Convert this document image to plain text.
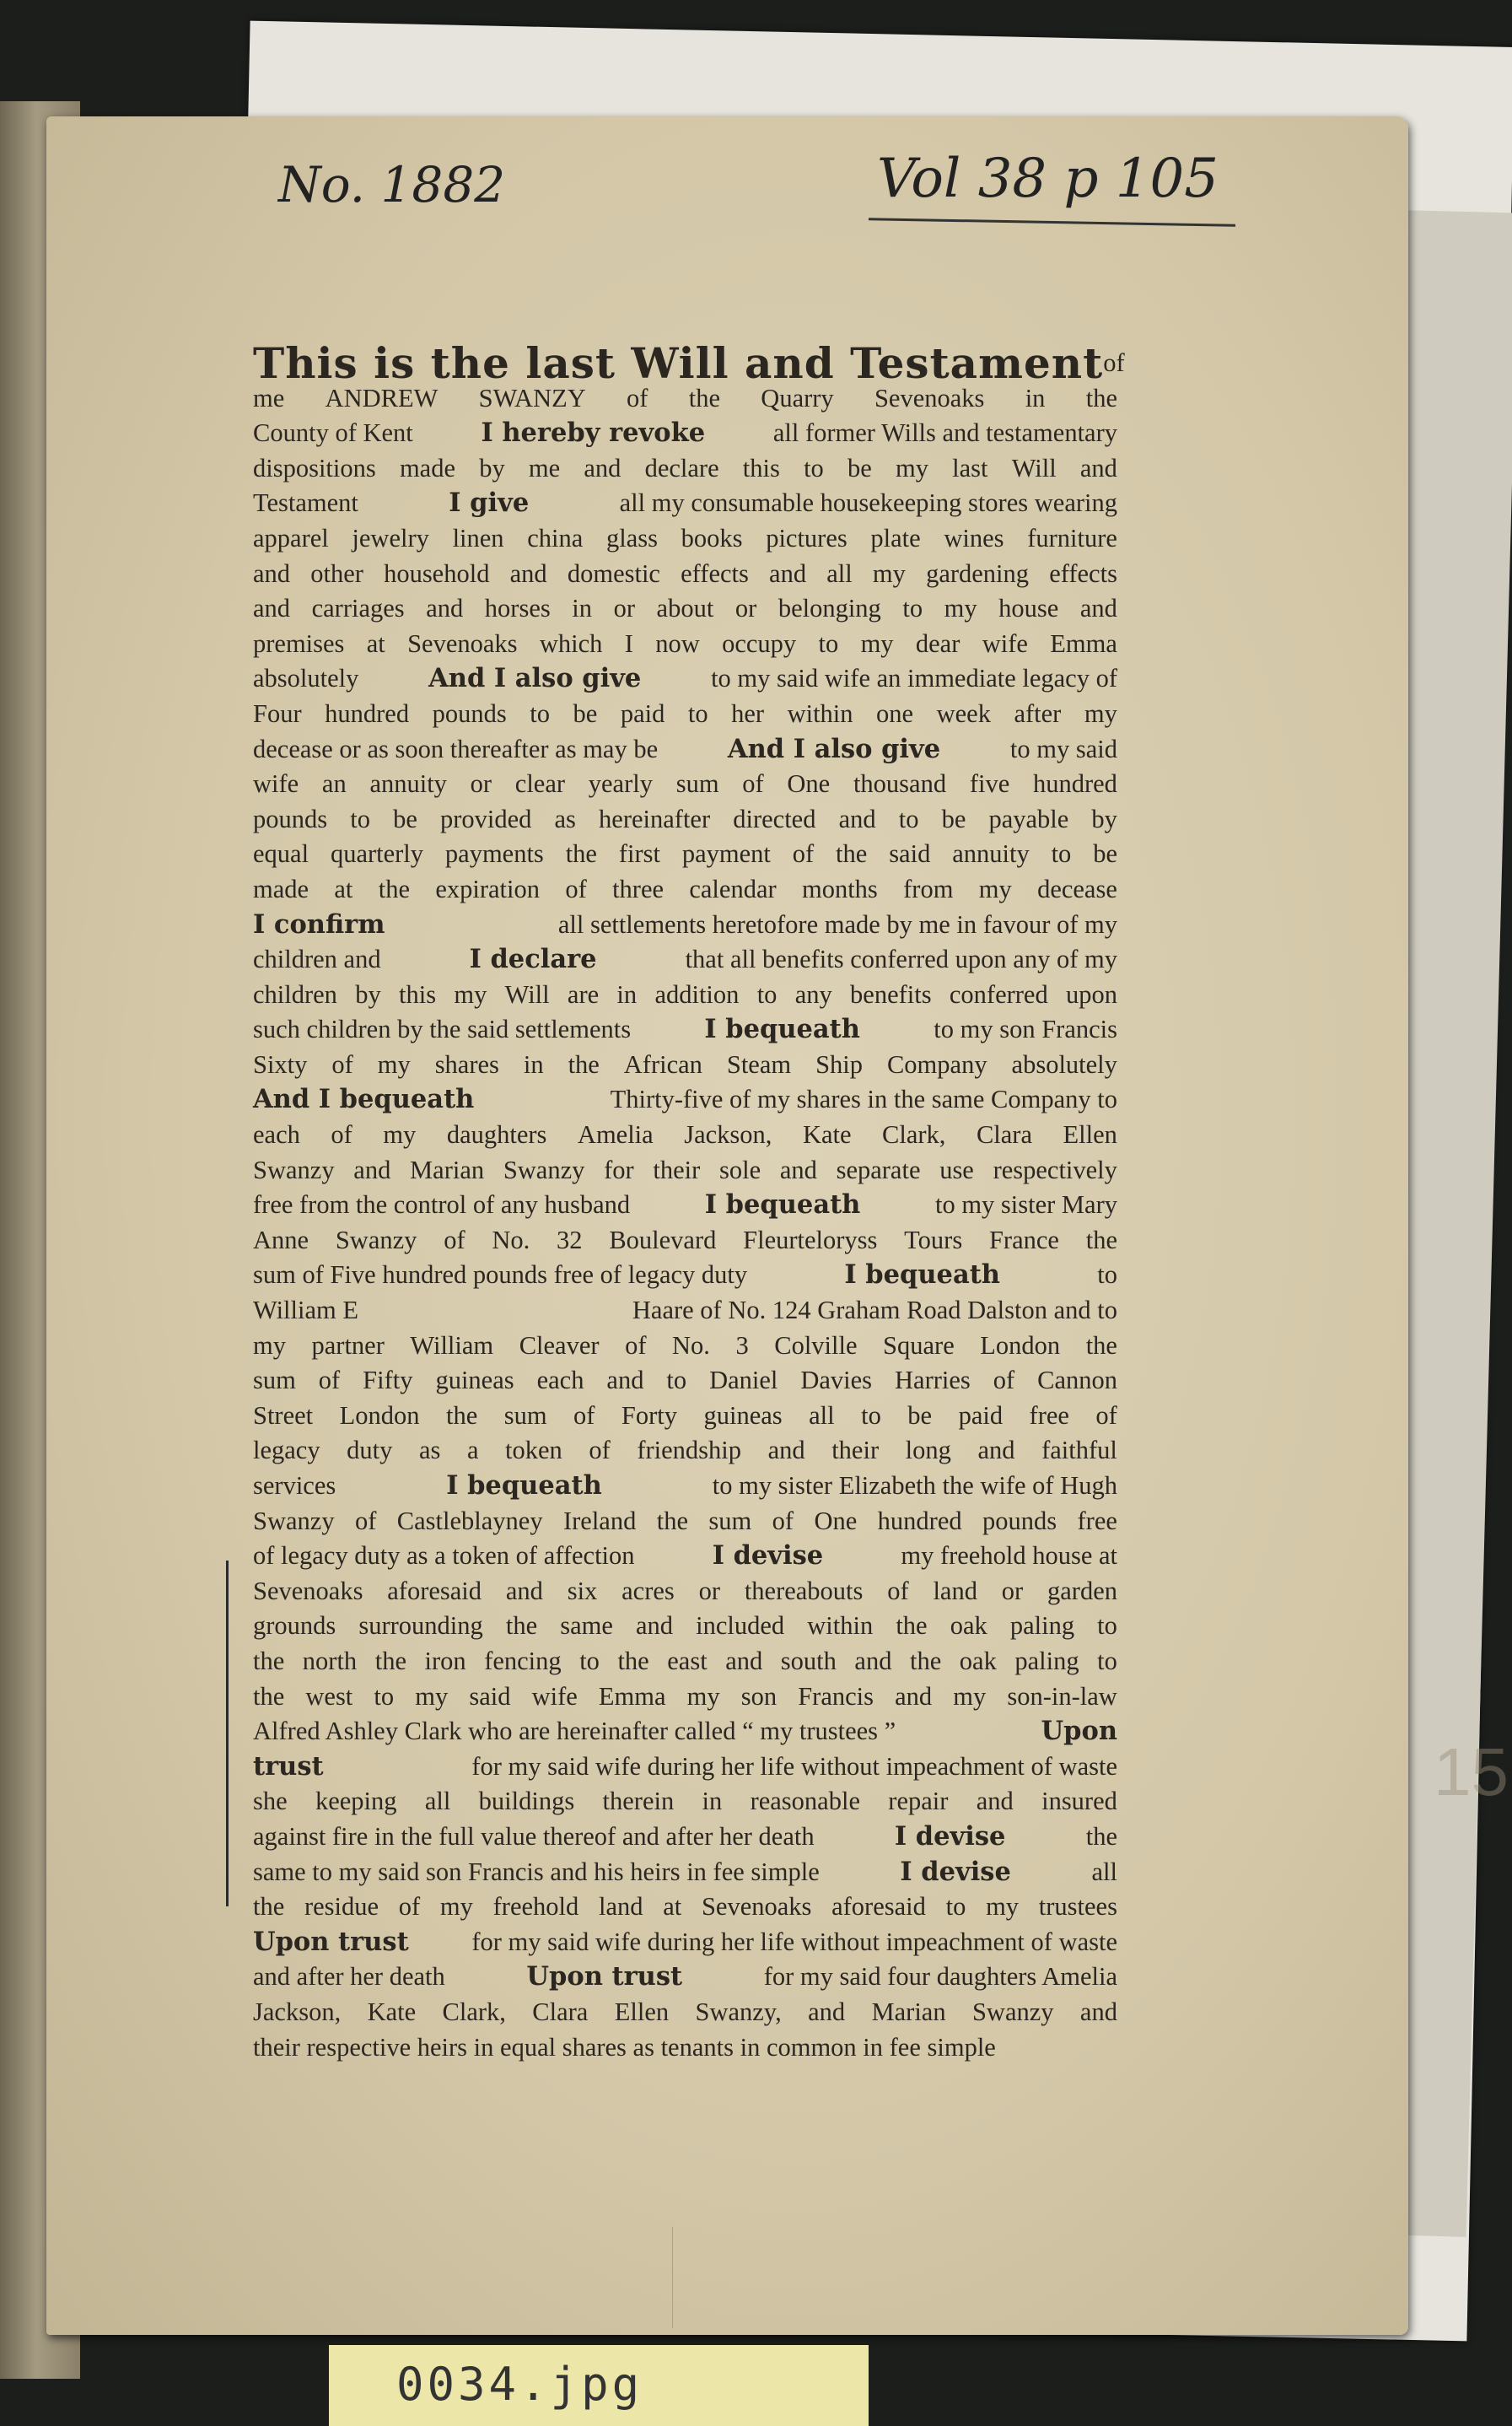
15
No. 1882	Vol 38 p 105
This is the last Will and Testament of
me ANDREW SWANZY of the Quarry Sevenoaks in the
County of Kent	I hereby revoke	all former Wills and testamentary
dispositions made by me and declare this to be my last Will and
Testament	I give	all my consumable housekeeping stores wearing
apparel jewelry linen china glass books pictures plate wines furniture
and other household and domestic effects and all my gardening effects
and carriages and horses in or about or belonging to my house and
premises at Sevenoaks which I now occupy to my dear wife Emma
absolutely	And I also give	to my said wife an immediate legacy of
Four hundred pounds to be paid to her within one week after my
decease or as soon thereafter as may be	And I also give	to my said
wife an annuity or clear yearly sum of One thousand five hundred
pounds to be provided as hereinafter directed and to be payable by
equal quarterly payments the first payment of the said annuity to be
made at the expiration of three calendar months from my decease
I confirm	all settlements heretofore made by me in favour of my
children and	I declare	that all benefits conferred upon any of my
children by this my Will are in addition to any benefits conferred upon
such children by the said settlements	I bequeath	to my son Francis
Sixty of my shares in the African Steam Ship Company absolutely
And I bequeath	Thirty-five of my shares in the same Company to
each of my daughters Amelia Jackson, Kate Clark, Clara Ellen
Swanzy and Marian Swanzy for their sole and separate use respectively
free from the control of any husband	I bequeath	to my sister Mary
Anne Swanzy of No. 32 Boulevard Fleurteloryss Tours France the
sum of Five hundred pounds free of legacy duty	I bequeath	to
William E	Haare of No. 124 Graham Road Dalston and to
my partner William Cleaver of No. 3 Colville Square London the
sum of Fifty guineas each and to Daniel Davies Harries of Cannon
Street London the sum of Forty guineas all to be paid free of
legacy duty as a token of friendship and their long and faithful
services	I bequeath	to my sister Elizabeth the wife of Hugh
Swanzy of Castleblayney Ireland the sum of One hundred pounds free
of legacy duty as a token of affection	I devise	my freehold house at
Sevenoaks aforesaid and six acres or thereabouts of land or garden
grounds surrounding the same and included within the oak paling to
the north the iron fencing to the east and south and the oak paling to
the west to my said wife Emma my son Francis and my son-in-law
Alfred Ashley Clark who are hereinafter called “ my trustees ”	Upon
trust	for my said wife during her life without impeachment of waste
she keeping all buildings therein in reasonable repair and insured
against fire in the full value thereof and after her death	I devise	the
same to my said son Francis and his heirs in fee simple	I devise	all
the residue of my freehold land at Sevenoaks aforesaid to my trustees
Upon trust for my said wife during her life without impeachment of waste
and after her death	Upon trust	for my said four daughters Amelia
Jackson, Kate Clark, Clara Ellen Swanzy, and Marian Swanzy and
their respective heirs in equal shares as tenants in common in fee simple
0034.jpg
